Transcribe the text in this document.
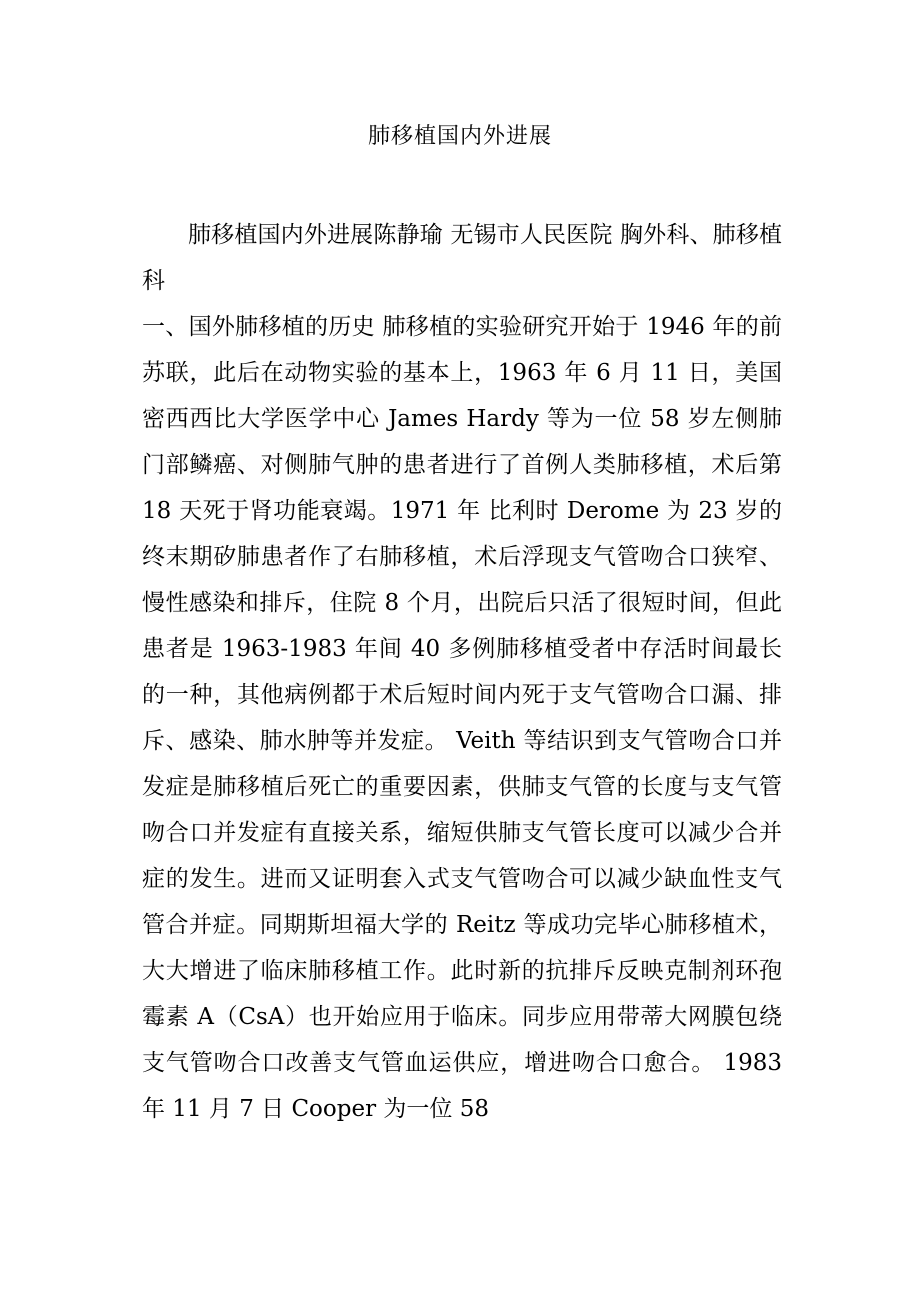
肺移植国内外进展
肺移植国内外进展陈静瑜 无锡市人民医院 胸外科、肺移植科
一、国外肺移植的历史 肺移植的实验研究开始于 1946 年的前苏联，此后在动物实验的基本上，1963 年 6 月 11 日，美国密西西比大学医学中心 James Hardy 等为一位 58 岁左侧肺门部鳞癌、对侧肺气肿的患者进行了首例人类肺移植，术后第 18 天死于肾功能衰竭。1971 年 比利时 Derome 为 23 岁的终末期矽肺患者作了右肺移植，术后浮现支气管吻合口狭窄、慢性感染和排斥，住院 8 个月，出院后只活了很短时间，但此患者是 1963-1983 年间 40 多例肺移植受者中存活时间最长的一种，其他病例都于术后短时间内死于支气管吻合口漏、排斥、感染、肺水肿等并发症。 Veith 等结识到支气管吻合口并发症是肺移植后死亡的重要因素，供肺支气管的长度与支气管吻合口并发症有直接关系，缩短供肺支气管长度可以减少合并症的发生。进而又证明套入式支气管吻合可以减少缺血性支气管合并症。同期斯坦福大学的 Reitz 等成功完毕心肺移植术，大大增进了临床肺移植工作。此时新的抗排斥反映克制剂环孢霉素 A（CsA）也开始应用于临床。同步应用带蒂大网膜包绕支气管吻合口改善支气管血运供应，增进吻合口愈合。 1983 年 11 月 7 日 Cooper 为一位 58
